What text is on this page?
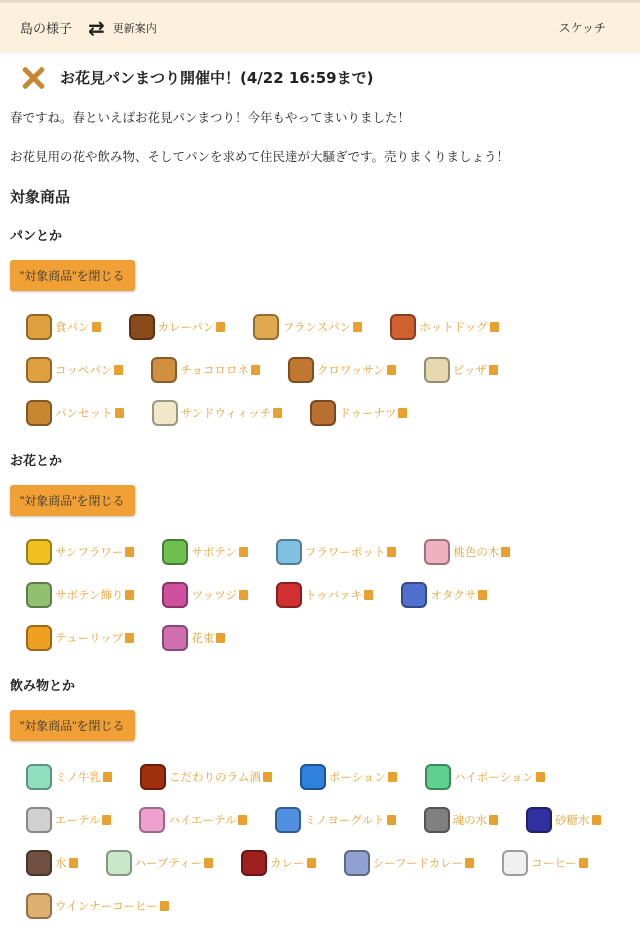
島の様子 ⇄ 更新案内	スケッチ
お花見パンまつり開催中！(4/22 16:59まで)

春ですね。春といえばお花見パンまつり！今年もやってまいりました！

お花見用の花や飲み物、そしてパンを求めて住民達が大騒ぎです。売りまくりましょう！

対象商品
パンとか
"対象商品"を閉じる
食パン	カレーパン	フランスパン	ホットドッグ
コッペパン	チョコロロネ	クロワッサン	ピッザ
パンセット	サンドウィィッチ	ドゥーナツ
お花とか
"対象商品"を閉じる
サンフラワー	サボテン	フラワーポット	桃色の木
サボテン飾り	ツッツジ	トゥバァキ	オタクサ
テューリップ	花束
飲み物とか
"対象商品"を閉じる
ミノ牛乳	こだわりのラム酒	ポーション	ハイポーション
エーテル	ハイエーテル	ミノヨーグルト	魂の水	砂糖水
水	ハーブティー	カレー	シーフードカレー	コーヒー
ウインナーコーヒー
